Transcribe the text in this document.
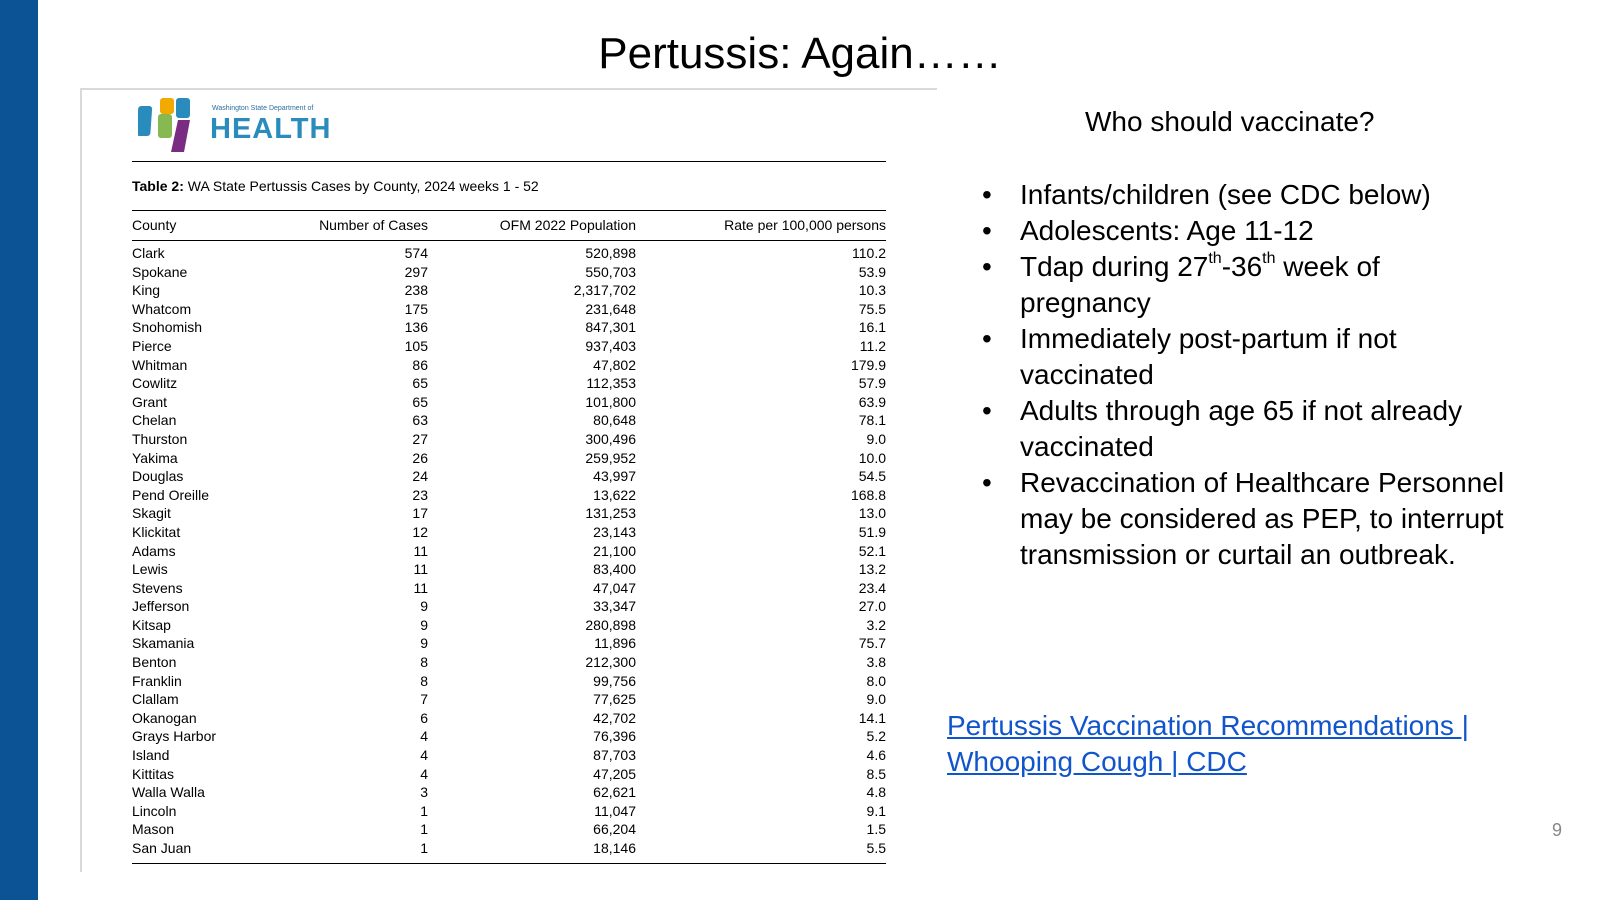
Pertussis: Again……
Washington State Department of
HEALTH
Table 2: WA State Pertussis Cases by County, 2024 weeks 1 - 52
County	Number of Cases	OFM 2022 Population	Rate per 100,000 persons
Clark	574	520,898	110.2
Spokane	297	550,703	53.9
King	238	2,317,702	10.3
Whatcom	175	231,648	75.5
Snohomish	136	847,301	16.1
Pierce	105	937,403	11.2
Whitman	86	47,802	179.9
Cowlitz	65	112,353	57.9
Grant	65	101,800	63.9
Chelan	63	80,648	78.1
Thurston	27	300,496	9.0
Yakima	26	259,952	10.0
Douglas	24	43,997	54.5
Pend Oreille	23	13,622	168.8
Skagit	17	131,253	13.0
Klickitat	12	23,143	51.9
Adams	11	21,100	52.1
Lewis	11	83,400	13.2
Stevens	11	47,047	23.4
Jefferson	9	33,347	27.0
Kitsap	9	280,898	3.2
Skamania	9	11,896	75.7
Benton	8	212,300	3.8
Franklin	8	99,756	8.0
Clallam	7	77,625	9.0
Okanogan	6	42,702	14.1
Grays Harbor	4	76,396	5.2
Island	4	87,703	4.6
Kittitas	4	47,205	8.5
Walla Walla	3	62,621	4.8
Lincoln	1	11,047	9.1
Mason	1	66,204	1.5
San Juan	1	18,146	5.5
Who should vaccinate?
• Infants/children (see CDC below)
• Adolescents: Age 11-12
• Tdap during 27th-36th week of pregnancy
• Immediately post-partum if not vaccinated
• Adults through age 65 if not already vaccinated
• Revaccination of Healthcare Personnel may be considered as PEP, to interrupt transmission or curtail an outbreak.
Pertussis Vaccination Recommendations | Whooping Cough | CDC
9
